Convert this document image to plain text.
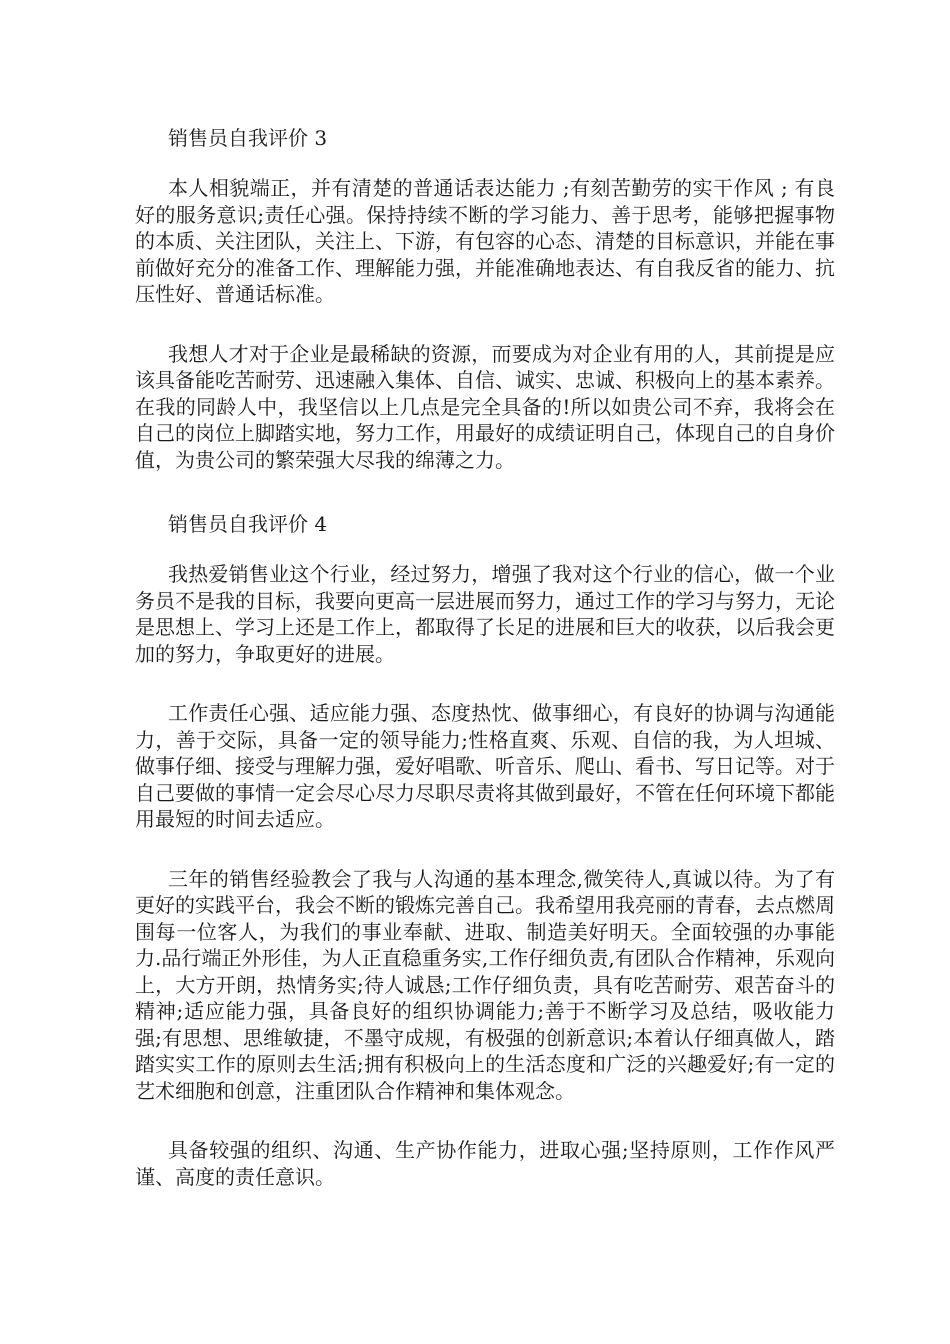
销售员自我评价 3

本人相貌端正，并有清楚的普通话表达能力 ;有刻苦勤劳的实干作风 ; 有良好的服务意识;责任心强。保持持续不断的学习能力、善于思考，能够把握事物的本质、关注团队，关注上、下游，有包容的心态、清楚的目标意识，并能在事前做好充分的准备工作、理解能力强，并能准确地表达、有自我反省的能力、抗压性好、普通话标准。

我想人才对于企业是最稀缺的资源，而要成为对企业有用的人，其前提是应该具备能吃苦耐劳、迅速融入集体、自信、诚实、忠诚、积极向上的基本素养。在我的同龄人中，我坚信以上几点是完全具备的!所以如贵公司不弃，我将会在自己的岗位上脚踏实地，努力工作，用最好的成绩证明自己，体现自己的自身价值，为贵公司的繁荣强大尽我的绵薄之力。

销售员自我评价 4

我热爱销售业这个行业，经过努力，增强了我对这个行业的信心，做一个业务员不是我的目标，我要向更高一层进展而努力，通过工作的学习与努力，无论是思想上、学习上还是工作上，都取得了长足的进展和巨大的收获，以后我会更加的努力，争取更好的进展。

工作责任心强、适应能力强、态度热忱、做事细心，有良好的协调与沟通能力，善于交际，具备一定的领导能力;性格直爽、乐观、自信的我，为人坦城、做事仔细、接受与理解力强，爱好唱歌、听音乐、爬山、看书、写日记等。对于自己要做的事情一定会尽心尽力尽职尽责将其做到最好，不管在任何环境下都能用最短的时间去适应。

三年的销售经验教会了我与人沟通的基本理念,微笑待人,真诚以待。为了有更好的实践平台，我会不断的锻炼完善自己。我希望用我亮丽的青春，去点燃周围每一位客人，为我们的事业奉献、进取、制造美好明天。全面较强的办事能力.品行端正外形佳，为人正直稳重务实,工作仔细负责,有团队合作精神，乐观向上，大方开朗，热情务实;待人诚恳;工作仔细负责，具有吃苦耐劳、艰苦奋斗的精神;适应能力强，具备良好的组织协调能力;善于不断学习及总结，吸收能力强;有思想、思维敏捷，不墨守成规，有极强的创新意识;本着认仔细真做人，踏踏实实工作的原则去生活;拥有积极向上的生活态度和广泛的兴趣爱好;有一定的艺术细胞和创意，注重团队合作精神和集体观念。

具备较强的组织、沟通、生产协作能力，进取心强;坚持原则，工作作风严谨、高度的责任意识。
